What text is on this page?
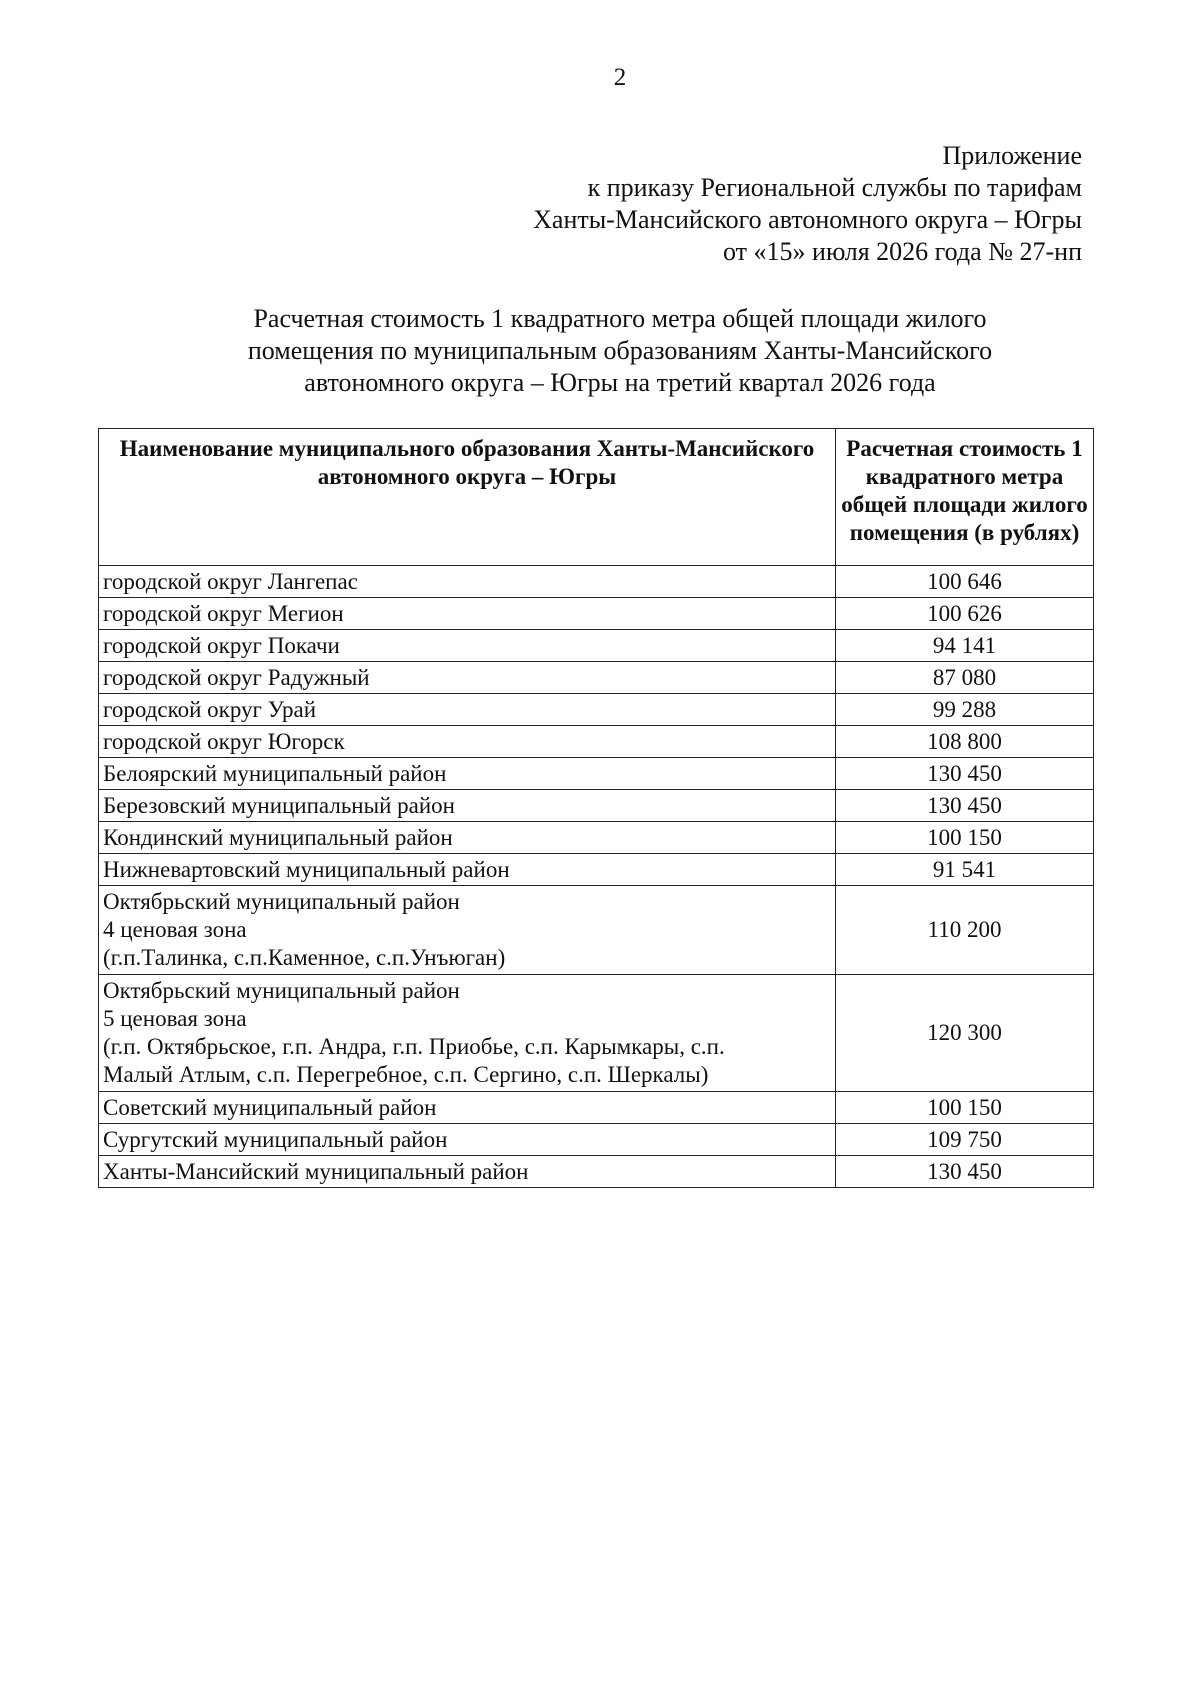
2
Приложение
к приказу Региональной службы по тарифам
Ханты-Мансийского автономного округа – Югры
от «15» июля 2026 года № 27-нп
Расчетная стоимость 1 квадратного метра общей площади жилого
помещения по муниципальным образованиям Ханты-Мансийского
автономного округа – Югры на третий квартал 2026 года
Наименование муниципального образования Ханты-Мансийского автономного округа – Югры	Расчетная стоимость 1 квадратного метра общей площади жилого помещения (в рублях)
городской округ Лангепас	100 646
городской округ Мегион	100 626
городской округ Покачи	94 141
городской округ Радужный	87 080
городской округ Урай	99 288
городской округ Югорск	108 800
Белоярский муниципальный район	130 450
Березовский муниципальный район	130 450
Кондинский муниципальный район	100 150
Нижневартовский муниципальный район	91 541
Октябрьский муниципальный район
4 ценовая зона
(г.п.Талинка, с.п.Каменное, с.п.Унъюган)	110 200
Октябрьский муниципальный район
5 ценовая зона
(г.п. Октябрьское, г.п. Андра, г.п. Приобье, с.п. Карымкары, с.п.
Малый Атлым, с.п. Перегребное, с.п. Сергино, с.п. Шеркалы)	120 300
Советский муниципальный район	100 150
Сургутский муниципальный район	109 750
Ханты-Мансийский муниципальный район	130 450
